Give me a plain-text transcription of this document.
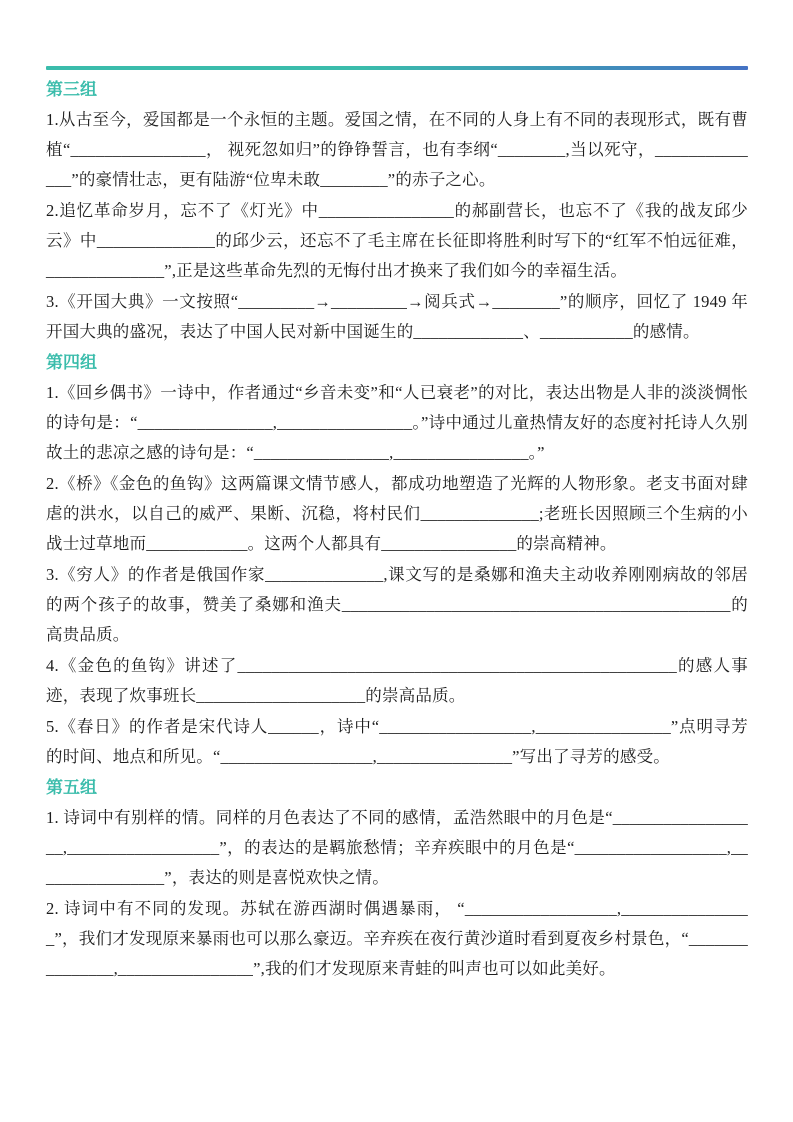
第三组

1.从古至今，爱国都是一个永恒的主题。爱国之情，在不同的人身上有不同的表现形式，既有曹植“________________， 视死忽如归”的铮铮誓言，也有李纲“________,当以死守，______________”的豪情壮志，更有陆游“位卑未敢________”的赤子之心。

2.追忆革命岁月，忘不了《灯光》中________________的郝副营长，也忘不了《我的战友邱少云》中______________的邱少云，还忘不了毛主席在长征即将胜利时写下的“红军不怕远征难，______________”,正是这些革命先烈的无悔付出才换来了我们如今的幸福生活。

3.《开国大典》一文按照“_________→_________→阅兵式→________”的顺序，回忆了 1949 年开国大典的盛况，表达了中国人民对新中国诞生的_____________、___________的感情。

第四组

1.《回乡偶书》一诗中，作者通过“乡音未变”和“人已衰老”的对比，表达出物是人非的淡淡惆怅的诗句是：“________________,________________。”诗中通过儿童热情友好的态度衬托诗人久别故土的悲凉之感的诗句是：“________________,________________。”

2.《桥》《金色的鱼钩》这两篇课文情节感人，都成功地塑造了光辉的人物形象。老支书面对肆虐的洪水，以自己的威严、果断、沉稳，将村民们______________;老班长因照顾三个生病的小战士过草地而____________。这两个人都具有________________的崇高精神。

3.《穷人》的作者是俄国作家______________,课文写的是桑娜和渔夫主动收养刚刚病故的邻居的两个孩子的故事，赞美了桑娜和渔夫______________________________________________的高贵品质。

4.《金色的鱼钩》讲述了____________________________________________________的感人事迹，表现了炊事班长____________________的崇高品质。

5.《春日》的作者是宋代诗人______，诗中“__________________,________________”点明寻芳的时间、地点和所见。“__________________,________________”写出了寻芳的感受。

第五组

1. 诗词中有别样的情。同样的月色表达了不同的感情，孟浩然眼中的月色是“__________________,__________________”，的表达的是羁旅愁情；辛弃疾眼中的月色是“__________________,________________”，表达的则是喜悦欢快之情。

2. 诗词中有不同的发现。苏轼在游西湖时偶遇暴雨， “__________________,________________”，我们才发现原来暴雨也可以那么豪迈。辛弃疾在夜行黄沙道时看到夏夜乡村景色，“_______________,________________”,我的们才发现原来青蛙的叫声也可以如此美好。
